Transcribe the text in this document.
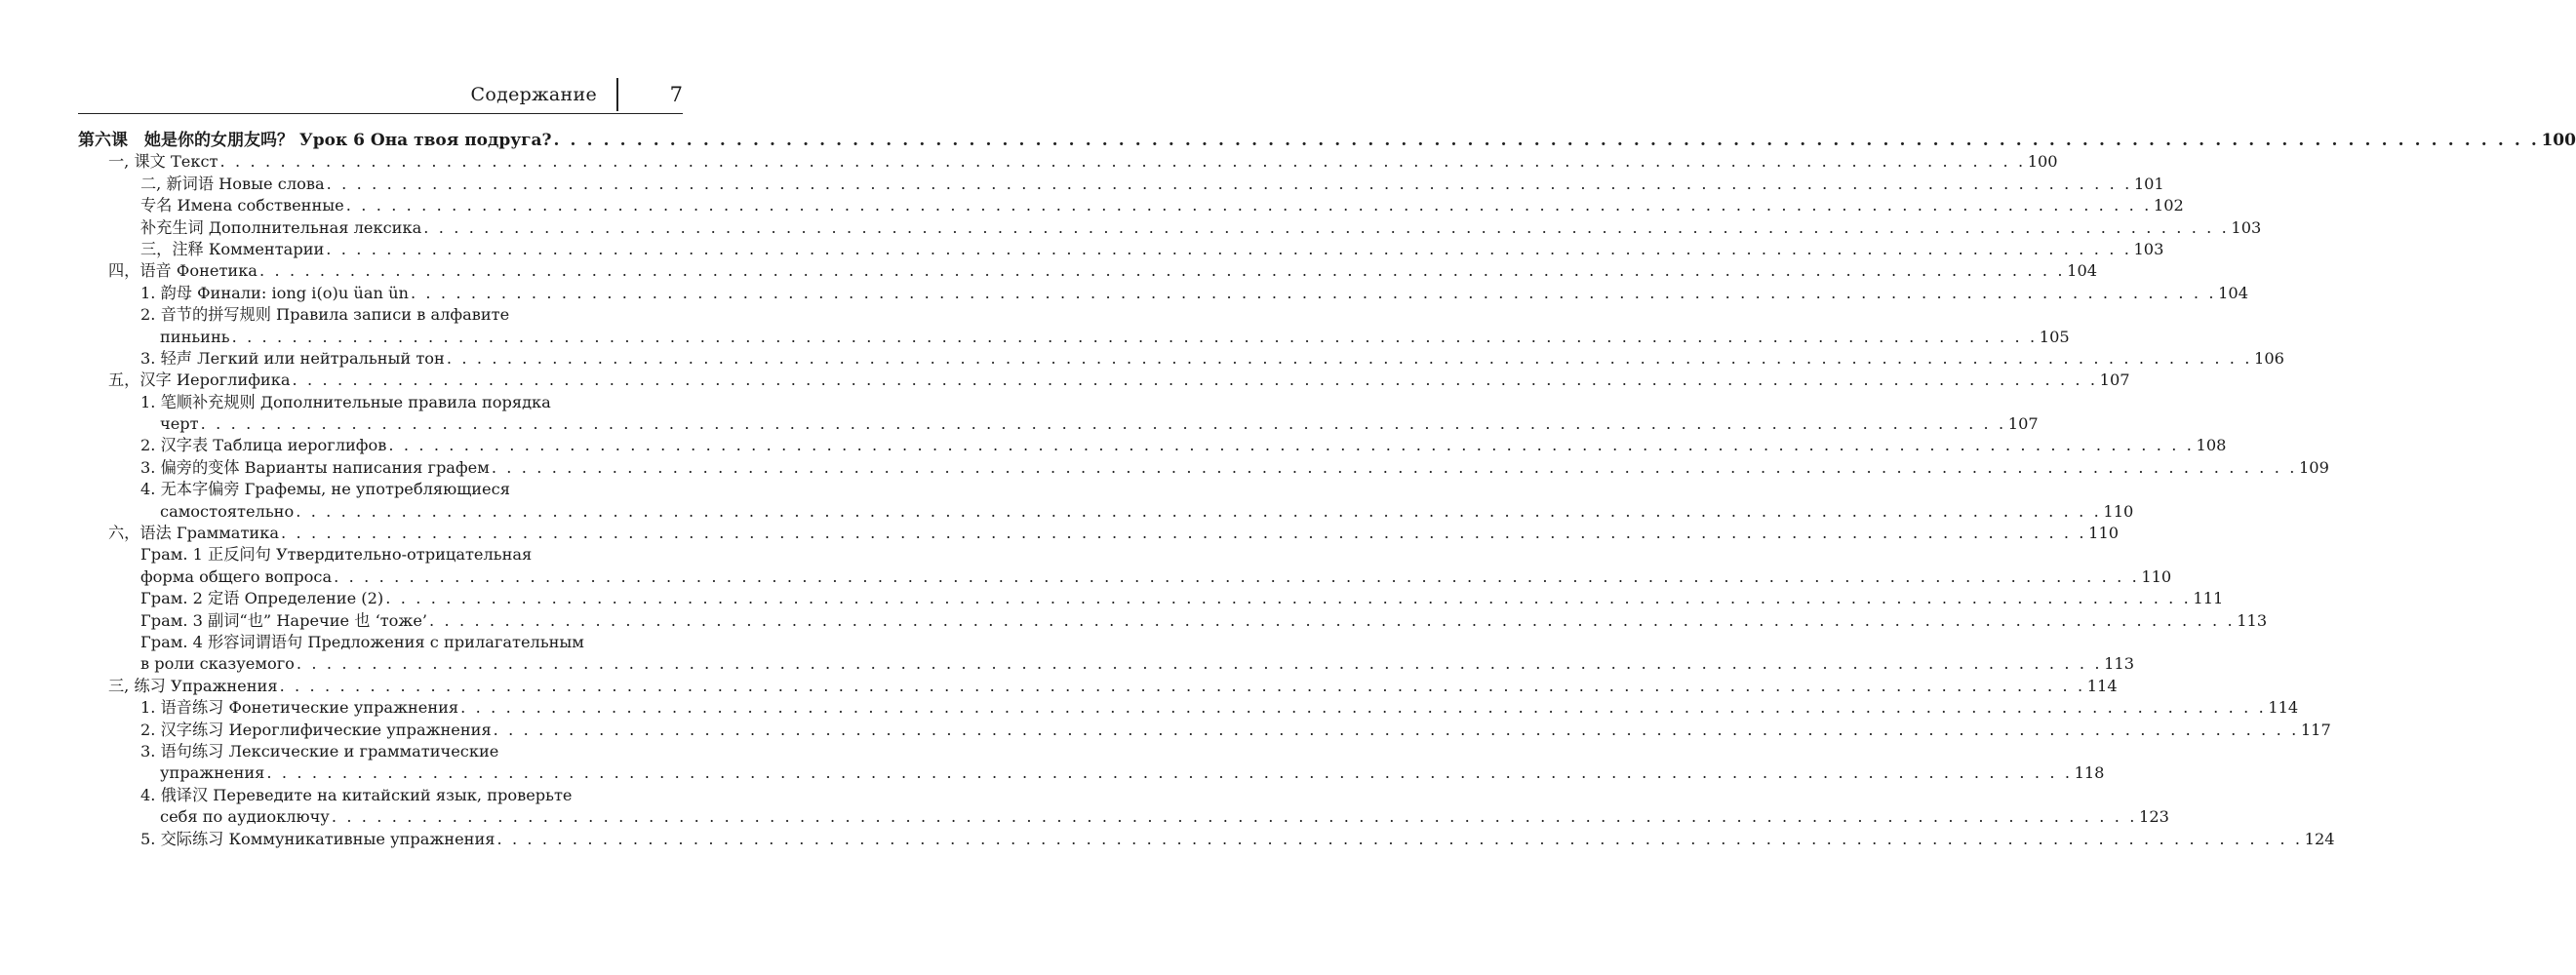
Содержание	7
第六课　她是你的女朋友吗？ Урок 6 Она твоя подруга? . . . . . . . . . . . . . . . . . . . . . . . . . . . . . . . . . . . . . . . . . . . . . . . . . . . . . . . . . . . . . . . . . . . . . . . . . . . . . . . . . . . . . . . . . . . . . . . . . . . . . . . . . . . . . . . . . . . . . . . . 100
一, 课文 Текст . . . . . . . . . . . . . . . . . . . . . . . . . . . . . . . . . . . . . . . . . . . . . . . . . . . . . . . . . . . . . . . . . . . . . . . . . . . . . . . . . . . . . . . . . . . . . . . . . . . . . . . . . . . . . . . . . . . . . . . . 100
二, 新词语 Новые слова . . . . . . . . . . . . . . . . . . . . . . . . . . . . . . . . . . . . . . . . . . . . . . . . . . . . . . . . . . . . . . . . . . . . . . . . . . . . . . . . . . . . . . . . . . . . . . . . . . . . . . . . . . . . . . . . . . . . . . . . 101
专名 Имена собственные . . . . . . . . . . . . . . . . . . . . . . . . . . . . . . . . . . . . . . . . . . . . . . . . . . . . . . . . . . . . . . . . . . . . . . . . . . . . . . . . . . . . . . . . . . . . . . . . . . . . . . . . . . . . . . . . . . . . . . . . 102
补充生词 Дополнительная лексика . . . . . . . . . . . . . . . . . . . . . . . . . . . . . . . . . . . . . . . . . . . . . . . . . . . . . . . . . . . . . . . . . . . . . . . . . . . . . . . . . . . . . . . . . . . . . . . . . . . . . . . . . . . . . . . . . . . . . . . . 103
三，注释 Комментарии . . . . . . . . . . . . . . . . . . . . . . . . . . . . . . . . . . . . . . . . . . . . . . . . . . . . . . . . . . . . . . . . . . . . . . . . . . . . . . . . . . . . . . . . . . . . . . . . . . . . . . . . . . . . . . . . . . . . . . . . 103
四，语音 Фонетика . . . . . . . . . . . . . . . . . . . . . . . . . . . . . . . . . . . . . . . . . . . . . . . . . . . . . . . . . . . . . . . . . . . . . . . . . . . . . . . . . . . . . . . . . . . . . . . . . . . . . . . . . . . . . . . . . . . . . . . . 104
1. 韵母 Финали: iong i(o)u üan ün . . . . . . . . . . . . . . . . . . . . . . . . . . . . . . . . . . . . . . . . . . . . . . . . . . . . . . . . . . . . . . . . . . . . . . . . . . . . . . . . . . . . . . . . . . . . . . . . . . . . . . . . . . . . . . . . . . . . . . . . 104
2. 音节的拼写规则 Правила записи в алфавите
пиньинь . . . . . . . . . . . . . . . . . . . . . . . . . . . . . . . . . . . . . . . . . . . . . . . . . . . . . . . . . . . . . . . . . . . . . . . . . . . . . . . . . . . . . . . . . . . . . . . . . . . . . . . . . . . . . . . . . . . . . . . . 105
3. 轻声 Легкий или нейтральный тон . . . . . . . . . . . . . . . . . . . . . . . . . . . . . . . . . . . . . . . . . . . . . . . . . . . . . . . . . . . . . . . . . . . . . . . . . . . . . . . . . . . . . . . . . . . . . . . . . . . . . . . . . . . . . . . . . . . . . . . . 106
五，汉字 Иероглифика . . . . . . . . . . . . . . . . . . . . . . . . . . . . . . . . . . . . . . . . . . . . . . . . . . . . . . . . . . . . . . . . . . . . . . . . . . . . . . . . . . . . . . . . . . . . . . . . . . . . . . . . . . . . . . . . . . . . . . . . 107
1. 笔顺补充规则 Дополнительные правила порядка
черт . . . . . . . . . . . . . . . . . . . . . . . . . . . . . . . . . . . . . . . . . . . . . . . . . . . . . . . . . . . . . . . . . . . . . . . . . . . . . . . . . . . . . . . . . . . . . . . . . . . . . . . . . . . . . . . . . . . . . . . . 107
2. 汉字表 Таблица иероглифов . . . . . . . . . . . . . . . . . . . . . . . . . . . . . . . . . . . . . . . . . . . . . . . . . . . . . . . . . . . . . . . . . . . . . . . . . . . . . . . . . . . . . . . . . . . . . . . . . . . . . . . . . . . . . . . . . . . . . . . . 108
3. 偏旁的变体 Варианты написания графем . . . . . . . . . . . . . . . . . . . . . . . . . . . . . . . . . . . . . . . . . . . . . . . . . . . . . . . . . . . . . . . . . . . . . . . . . . . . . . . . . . . . . . . . . . . . . . . . . . . . . . . . . . . . . . . . . . . . . . . . 109
4. 无本字偏旁 Графемы, не употребляющиеся
самостоятельно . . . . . . . . . . . . . . . . . . . . . . . . . . . . . . . . . . . . . . . . . . . . . . . . . . . . . . . . . . . . . . . . . . . . . . . . . . . . . . . . . . . . . . . . . . . . . . . . . . . . . . . . . . . . . . . . . . . . . . . . 110
六，语法 Грамматика . . . . . . . . . . . . . . . . . . . . . . . . . . . . . . . . . . . . . . . . . . . . . . . . . . . . . . . . . . . . . . . . . . . . . . . . . . . . . . . . . . . . . . . . . . . . . . . . . . . . . . . . . . . . . . . . . . . . . . . . 110
Грам. 1 正反问句 Утвердительно-отрицательная
форма общего вопроса . . . . . . . . . . . . . . . . . . . . . . . . . . . . . . . . . . . . . . . . . . . . . . . . . . . . . . . . . . . . . . . . . . . . . . . . . . . . . . . . . . . . . . . . . . . . . . . . . . . . . . . . . . . . . . . . . . . . . . . . 110
Грам. 2 定语 Определение (2) . . . . . . . . . . . . . . . . . . . . . . . . . . . . . . . . . . . . . . . . . . . . . . . . . . . . . . . . . . . . . . . . . . . . . . . . . . . . . . . . . . . . . . . . . . . . . . . . . . . . . . . . . . . . . . . . . . . . . . . . 111
Грам. 3 副词“也” Наречие 也 ‘тоже’ . . . . . . . . . . . . . . . . . . . . . . . . . . . . . . . . . . . . . . . . . . . . . . . . . . . . . . . . . . . . . . . . . . . . . . . . . . . . . . . . . . . . . . . . . . . . . . . . . . . . . . . . . . . . . . . . . . . . . . . . 113
Грам. 4 形容词谓语句 Предложения с прилагательным
в роли сказуемого . . . . . . . . . . . . . . . . . . . . . . . . . . . . . . . . . . . . . . . . . . . . . . . . . . . . . . . . . . . . . . . . . . . . . . . . . . . . . . . . . . . . . . . . . . . . . . . . . . . . . . . . . . . . . . . . . . . . . . . . 113
三, 练习 Упражнения . . . . . . . . . . . . . . . . . . . . . . . . . . . . . . . . . . . . . . . . . . . . . . . . . . . . . . . . . . . . . . . . . . . . . . . . . . . . . . . . . . . . . . . . . . . . . . . . . . . . . . . . . . . . . . . . . . . . . . . . 114
1. 语音练习 Фонетические упражнения . . . . . . . . . . . . . . . . . . . . . . . . . . . . . . . . . . . . . . . . . . . . . . . . . . . . . . . . . . . . . . . . . . . . . . . . . . . . . . . . . . . . . . . . . . . . . . . . . . . . . . . . . . . . . . . . . . . . . . . . 114
2. 汉字练习 Иероглифические упражнения . . . . . . . . . . . . . . . . . . . . . . . . . . . . . . . . . . . . . . . . . . . . . . . . . . . . . . . . . . . . . . . . . . . . . . . . . . . . . . . . . . . . . . . . . . . . . . . . . . . . . . . . . . . . . . . . . . . . . . . . 117
3. 语句练习 Лексические и грамматические
упражнения . . . . . . . . . . . . . . . . . . . . . . . . . . . . . . . . . . . . . . . . . . . . . . . . . . . . . . . . . . . . . . . . . . . . . . . . . . . . . . . . . . . . . . . . . . . . . . . . . . . . . . . . . . . . . . . . . . . . . . . . 118
4. 俄译汉 Переведите на китайский язык, проверьте
себя по аудиоключу . . . . . . . . . . . . . . . . . . . . . . . . . . . . . . . . . . . . . . . . . . . . . . . . . . . . . . . . . . . . . . . . . . . . . . . . . . . . . . . . . . . . . . . . . . . . . . . . . . . . . . . . . . . . . . . . . . . . . . . . 123
5. 交际练习 Коммуникативные упражнения . . . . . . . . . . . . . . . . . . . . . . . . . . . . . . . . . . . . . . . . . . . . . . . . . . . . . . . . . . . . . . . . . . . . . . . . . . . . . . . . . . . . . . . . . . . . . . . . . . . . . . . . . . . . . . . . . . . . . . . . 124
